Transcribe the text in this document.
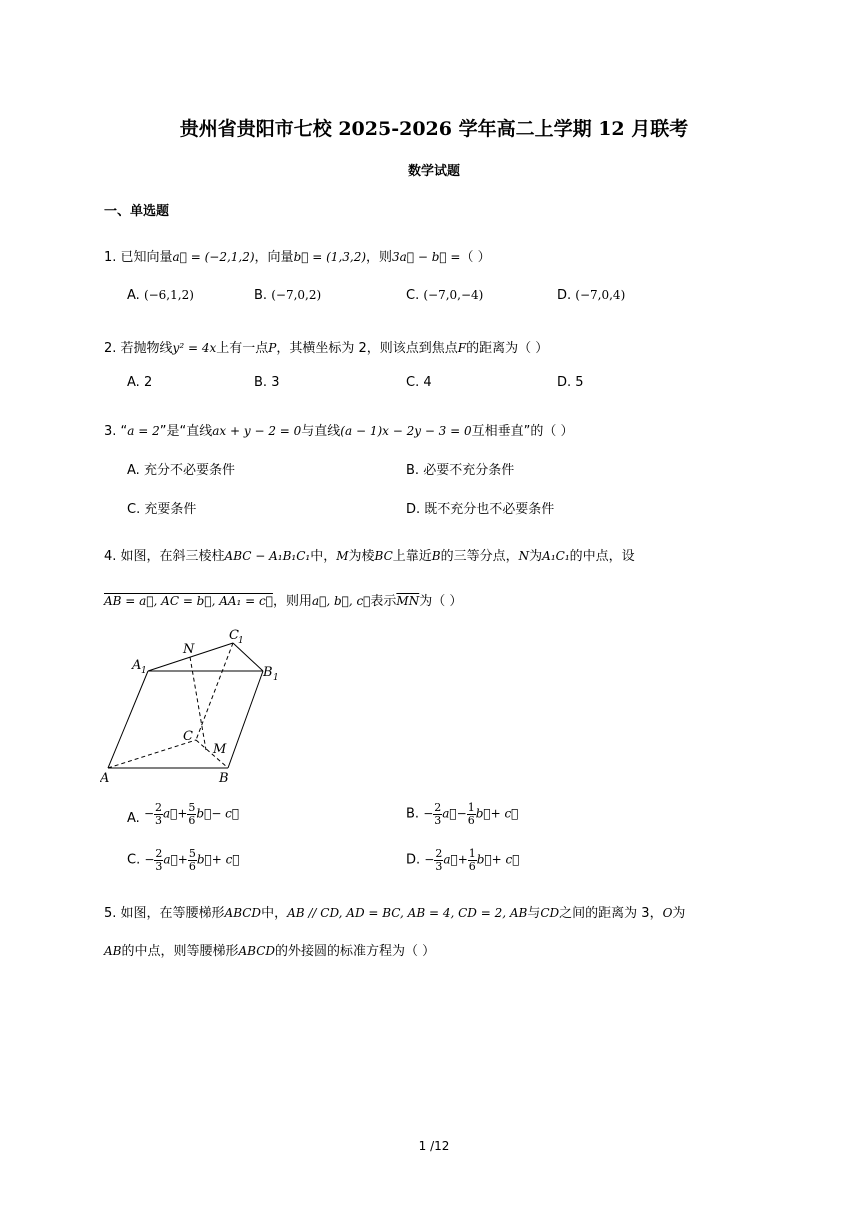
贵州省贵阳市七校 2025-2026 学年高二上学期 12 月联考
数学试题
一、单选题
1. 已知向量a⃗ = (−2,1,2)，向量b⃗ = (1,3,2)，则3a⃗ − b⃗ =（ ）
A. (−6,1,2)	B. (−7,0,2)	C. (−7,0,−4)	D. (−7,0,4)
2. 若抛物线y² = 4x上有一点P，其横坐标为 2，则该点到焦点F的距离为（ ）
A. 2	B. 3	C. 4	D. 5
3. “a = 2”是“直线ax + y − 2 = 0与直线(a − 1)x − 2y − 3 = 0互相垂直”的（ ）
A. 充分不必要条件	B. 必要不充分条件
C. 充要条件	D. 既不充分也不必要条件
4. 如图，在斜三棱柱ABC − A₁B₁C₁中，M为棱BC上靠近B的三等分点，N为A₁C₁的中点，设
AB = a⃗, AC = b⃗, AA₁ = c⃗，则用a⃗, b⃗, c⃗表示$\overline{MN}$为（ ）
A	B
C
A 1	B 1
C 1
N
M
A. − $\frac{2}{3}$ a⃗+ $\frac{5}{6}$ b⃗− c⃗	B. − $\frac{2}{3}$ a⃗− $\frac{1}{6}$ b⃗+ c⃗
C. − $\frac{2}{3}$ a⃗+ $\frac{5}{6}$ b⃗+ c⃗	D. − $\frac{2}{3}$ a⃗+ $\frac{1}{6}$ b⃗+ c⃗
5. 如图，在等腰梯形ABCD中，AB // CD, AD = BC, AB = 4, CD = 2, AB与CD之间的距离为 3，O为
AB的中点，则等腰梯形ABCD的外接圆的标准方程为（ ）
1 /12
